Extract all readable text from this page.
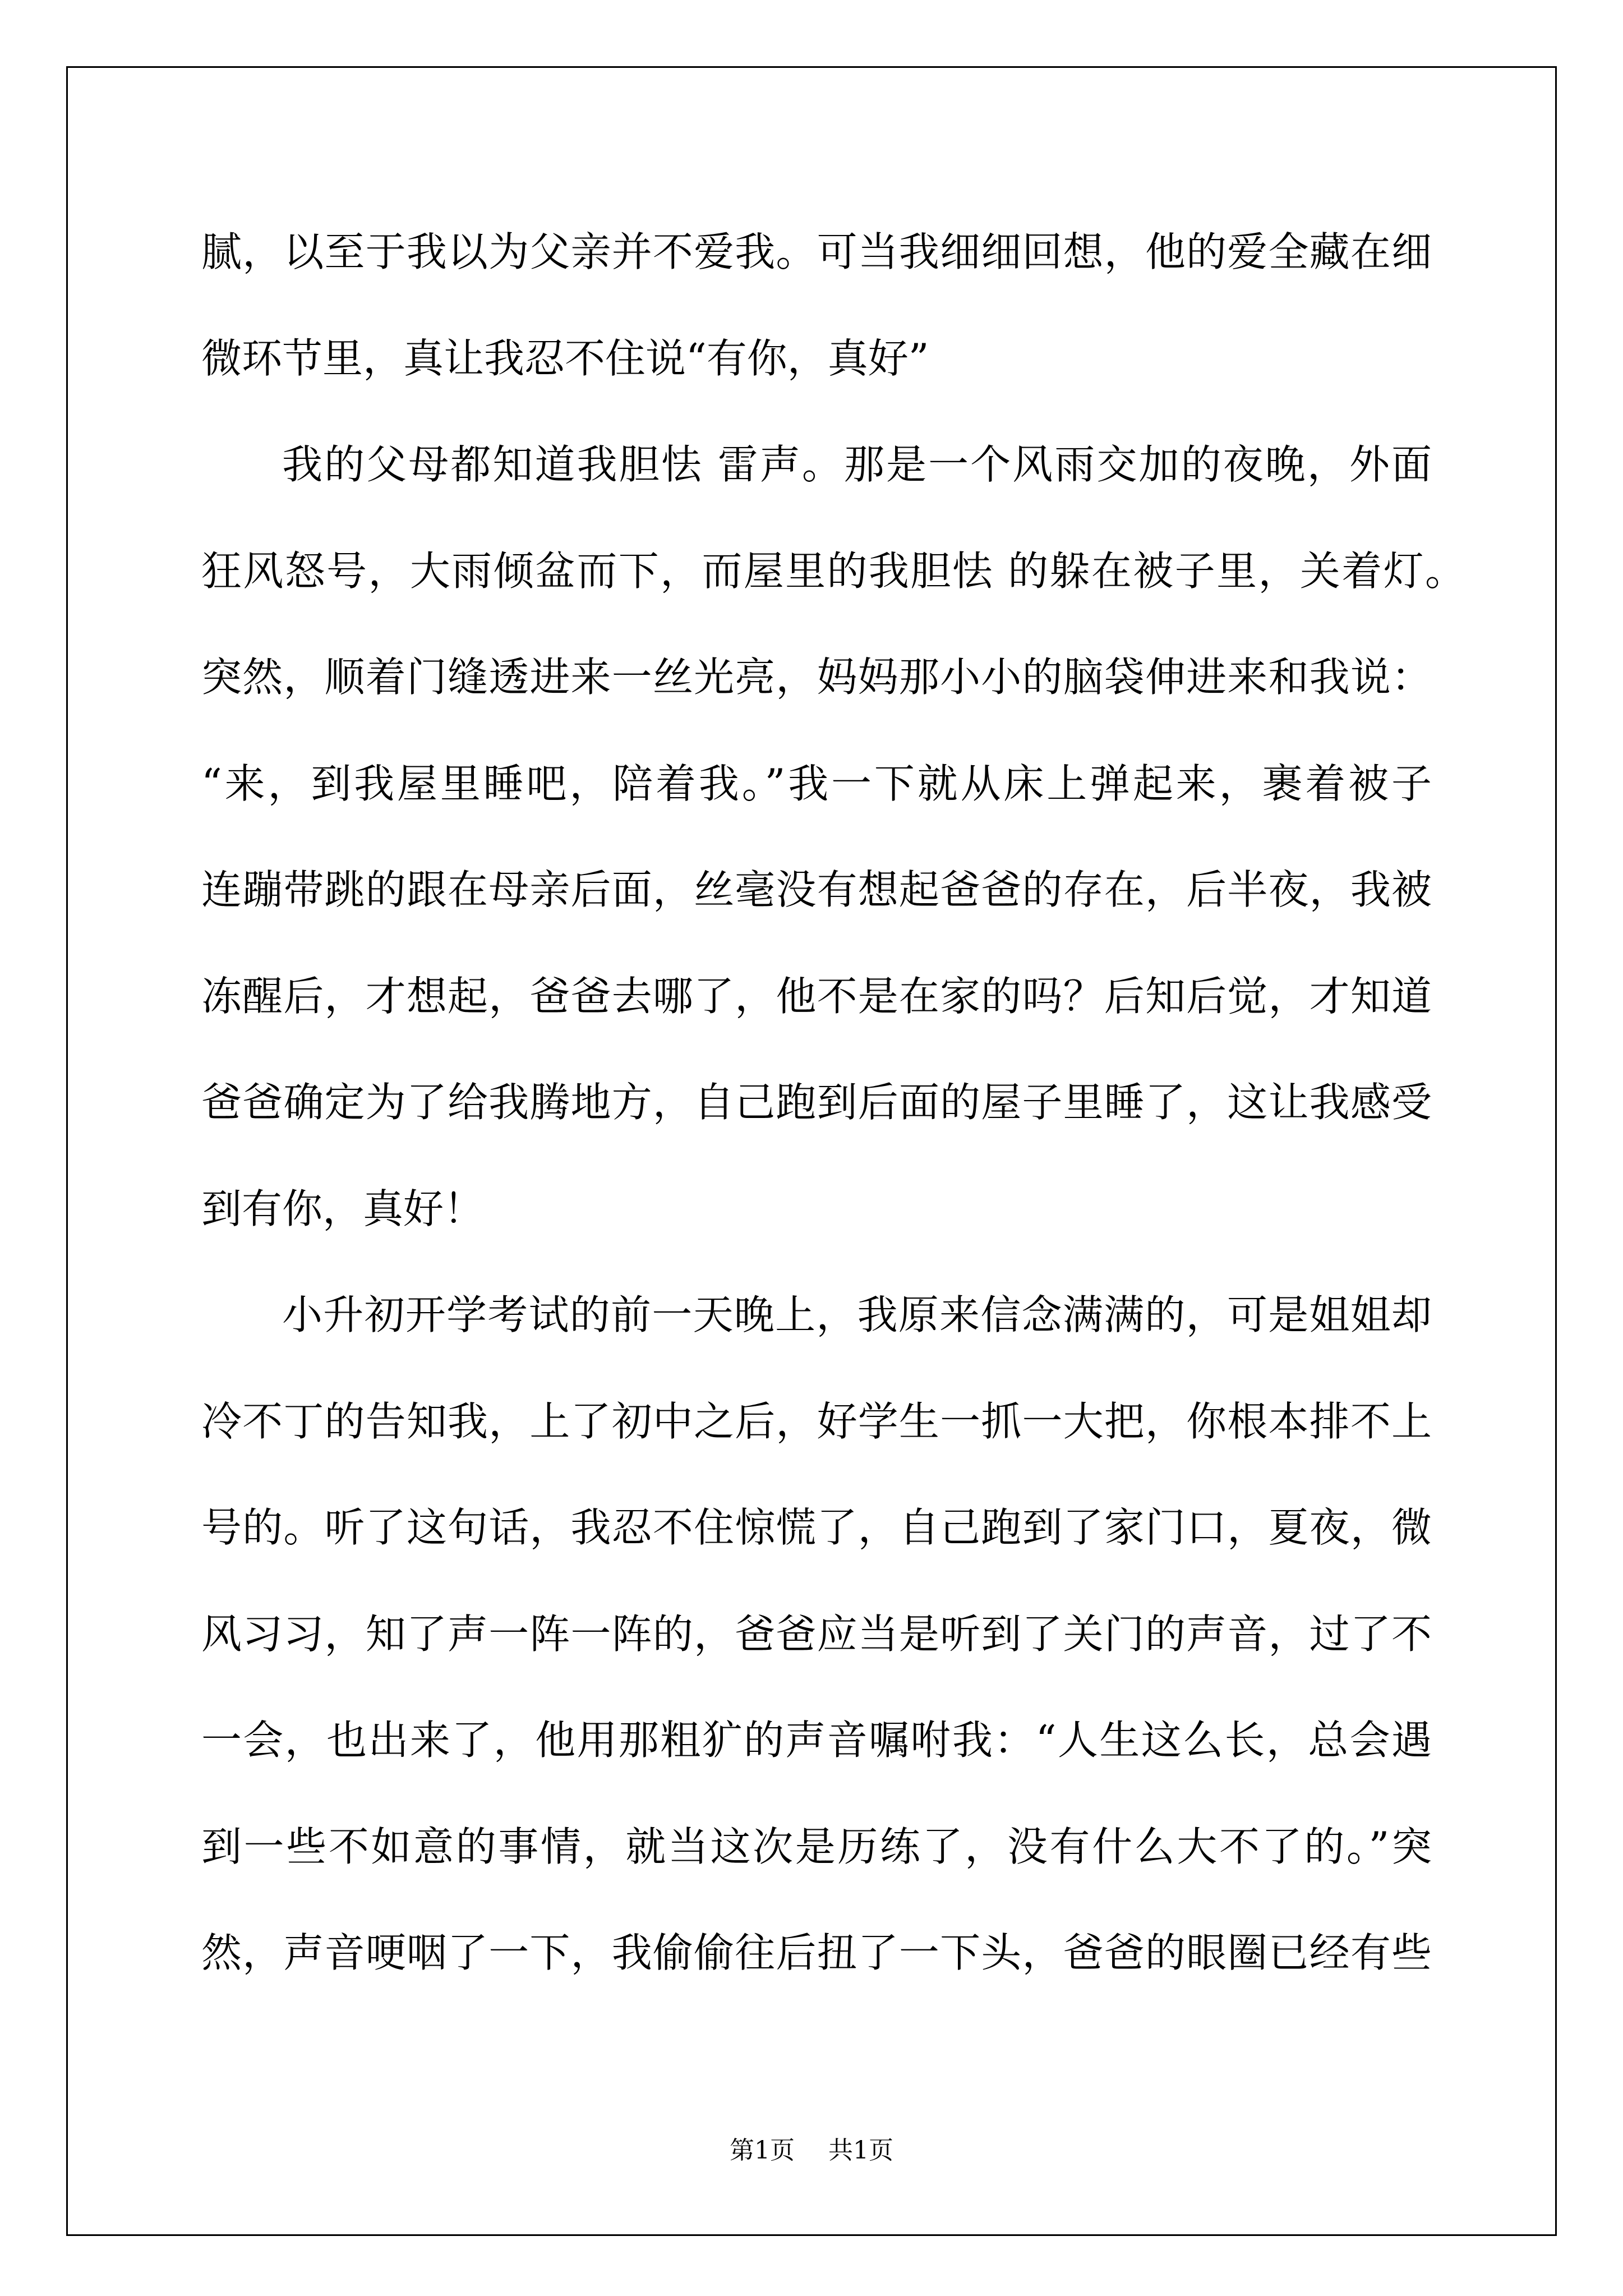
腻，以至于我以为父亲并不爱我。可当我细细回想，他的爱全藏在细
微环节里，真让我忍不住说“有你，真好”
我的父母都知道我胆怯 雷声。那是一个风雨交加的夜晚，外面
狂风怒号，大雨倾盆而下，而屋里的我胆怯 的躲在被子里，关着灯。
突然，顺着门缝透进来一丝光亮，妈妈那小小的脑袋伸进来和我说：
“来，到我屋里睡吧，陪着我。”我一下就从床上弹起来，裹着被子
连蹦带跳的跟在母亲后面，丝毫没有想起爸爸的存在，后半夜，我被
冻醒后，才想起，爸爸去哪了，他不是在家的吗？后知后觉，才知道
爸爸确定为了给我腾地方，自己跑到后面的屋子里睡了，这让我感受
到有你，真好！
小升初开学考试的前一天晚上，我原来信念满满的，可是姐姐却
冷不丁的告知我，上了初中之后，好学生一抓一大把，你根本排不上
号的。听了这句话，我忍不住惊慌了，自己跑到了家门口，夏夜，微
风习习，知了声一阵一阵的，爸爸应当是听到了关门的声音，过了不
一会，也出来了，他用那粗犷的声音嘱咐我：“人生这么长，总会遇
到一些不如意的事情，就当这次是历练了，没有什么大不了的。”突
然，声音哽咽了一下，我偷偷往后扭了一下头，爸爸的眼圈已经有些
第1页 共1页
